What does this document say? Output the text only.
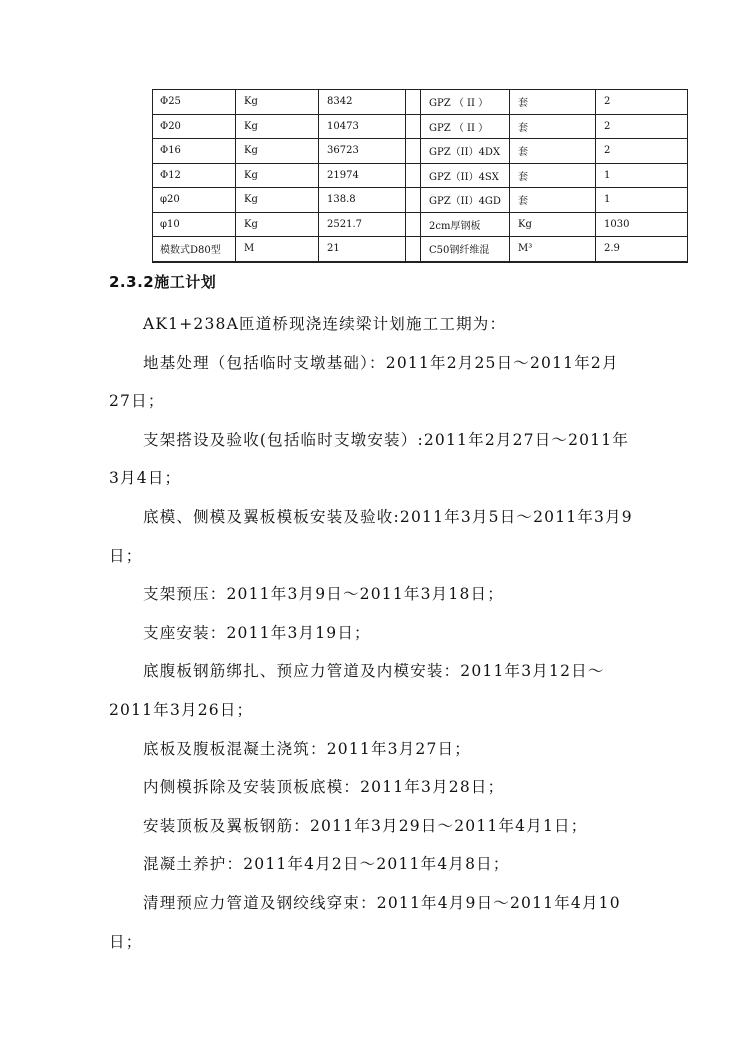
Φ25	Kg	8342		GPZ （ II ）	套	2
Φ20	Kg	10473		GPZ （ II ）	套	2
Φ16	Kg	36723		GPZ（II）4DX	套	2
Φ12	Kg	21974		GPZ（II）4SX	套	1
φ20	Kg	138.8		GPZ（II）4GD	套	1
φ10	Kg	2521.7		2cm厚钢板	Kg	1030
模数式D80型	M	21		C50钢纤维混	M³	2.9
2.3.2施工计划

AK1+238A匝道桥现浇连续梁计划施工工期为：

地基处理（包括临时支墩基础）：2011年2月25日～2011年2月27日；

支架搭设及验收(包括临时支墩安装）:2011年2月27日～2011年3月4日；

底模、侧模及翼板模板安装及验收:2011年3月5日～2011年3月9日；

支架预压：2011年3月9日～2011年3月18日；

支座安装：2011年3月19日；

底腹板钢筋绑扎、预应力管道及内模安装：2011年3月12日～2011年3月26日；

底板及腹板混凝土浇筑：2011年3月27日；

内侧模拆除及安装顶板底模：2011年3月28日；

安装顶板及翼板钢筋：2011年3月29日～2011年4月1日；

混凝土养护：2011年4月2日～2011年4月8日；

清理预应力管道及钢绞线穿束：2011年4月9日～2011年4月10日；
